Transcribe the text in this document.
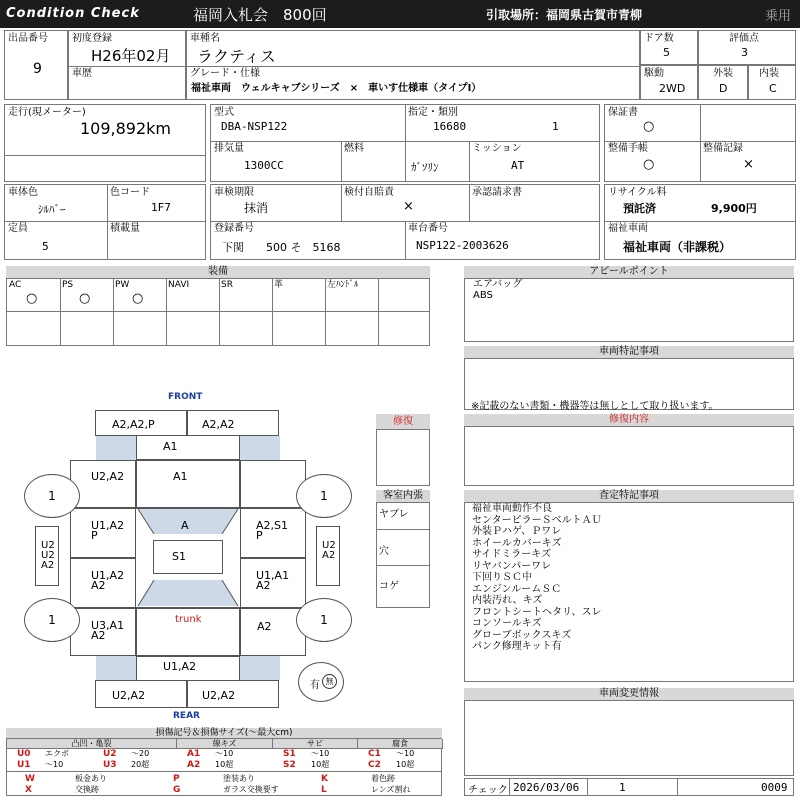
Condition Check	福岡入札会　800回	引取場所：福岡県古賀市青柳	乗用
出品番号
9
初度登録
H26年02月
車歴
車種名
ラクティス
グレード・仕様
福祉車両　ウェルキャブシリーズ　×　車いす仕様車（タイプⅠ）
ドア数
5
評価点
3
駆動
2WD
外装
D
内装
C
走行(現メーター)
109,892km
型式
DBA-NSP122
指定・類別
16680	1
排気量
1300CC
燃料
ｶﾞｿﾘﾝ
ミッション
AT
保証書
○
整備手帳
○
整備記録
×
車体色
ｼﾙﾊﾞｰ
色コード
1F7
定員
5
積載量
車検期限
抹消
検付自賠責
×
承認請求書
登録番号
下関　　500 そ　5168
車台番号
NSP122-2003626
リサイクル料
預託済	9,900円
福祉車両
福祉車両（非課税）
装備
AC
○
PS
○
PW
○
NAVI	SR	革	左ﾊﾝﾄﾞﾙ
アピールポイント
エアバッグ
ABS
車両特記事項
※記載のない書類・機器等は無しとして取り扱います。
修復内容
査定特記事項
福祉車両動作不良
センターピラーＳベルトＡＵ
外装Ｐハゲ、Ｐワレ
ホイールカバーキズ
サイドミラーキズ
リヤバンパーワレ
下回りＳＣ中
エンジンルームＳＣ
内装汚れ、キズ
フロントシートヘタリ、スレ
コンソールキズ
グローブボックスキズ
パンク修理キット有
車両変更情報
チェック 2026/03/06	1	0009
修復
客室内張
ヤブレ
穴
コゲ
FRONT
REAR
A2,A2,P	A2,A2
A1
U2,A2	A1
U1,A2
P
A2,S1
P
U1,A2
A2
U1,A1
A2
A
S1
U3,A1
A2
trunk
A2
U1,A2
U2,A2	U2,A2
U2
U2
A2
U2
A2
1	1
1	1
有 無
損傷記号＆損傷サイズ(〜最大cm)
凸凹・亀裂	線キズ	サビ	腐食
U0 エクボ	U2 〜20	A1 〜10	S1 〜10	C1 〜10
U1 〜10	U3 20超	A2 10超	S2 10超	C2 10超
W	板金あり	P	塗装あり	K	着色跡
X	交換跡	G	ガラス交換要す	L	レンズ割れ
